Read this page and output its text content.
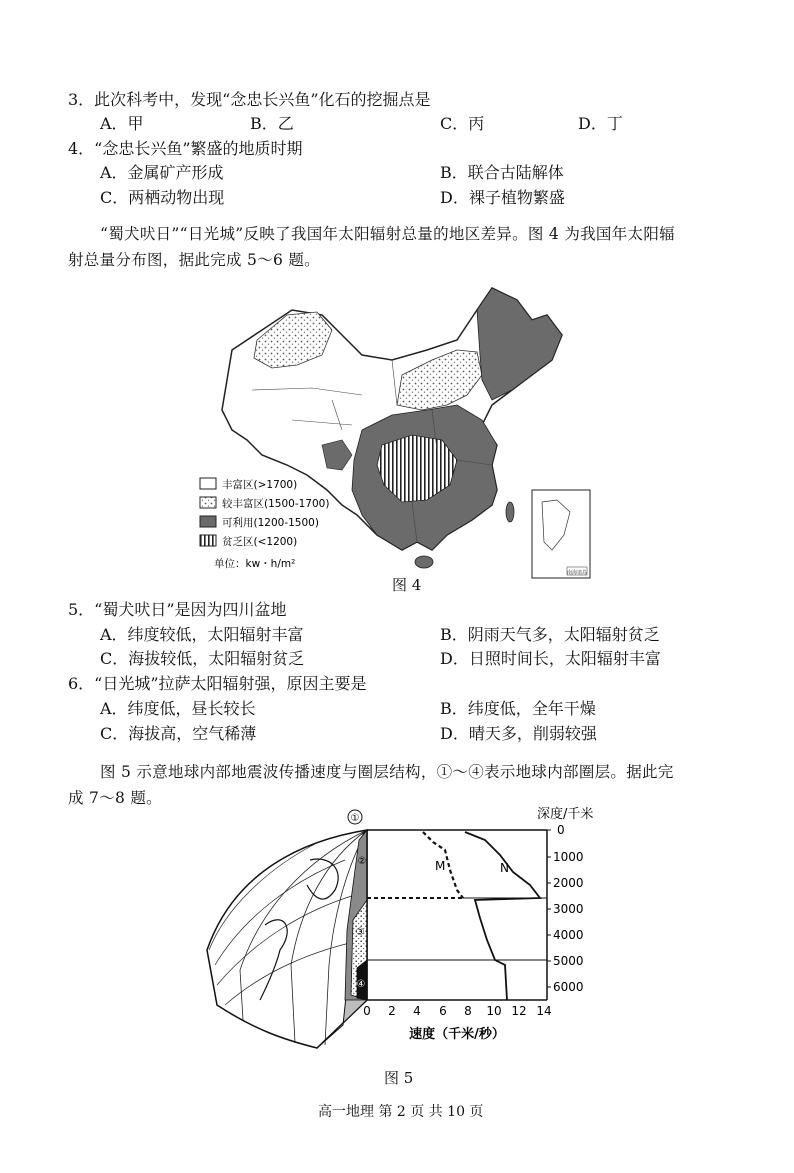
3．此次科考中，发现“念忠长兴鱼”化石的挖掘点是
A．甲	B．乙	C．丙	D．丁
4．“念忠长兴鱼”繁盛的地质时期
A．金属矿产形成	B．联合古陆解体
C．两栖动物出现	D．裸子植物繁盛
“蜀犬吠日”“日光城”反映了我国年太阳辐射总量的地区差异。图 4 为我国年太阳辐
射总量分布图，据此完成 5～6 题。
南海诸岛
丰富区(>1700)
较丰富区(1500-1700)
可利用(1200-1500)
贫乏区(<1200)
单位：kw・h/m²
图 4
5．“蜀犬吠日”是因为四川盆地
A．纬度较低，太阳辐射丰富	B．阴雨天气多，太阳辐射贫乏
C．海拔较低，太阳辐射贫乏	D．日照时间长，太阳辐射丰富
6．“日光城”拉萨太阳辐射强，原因主要是
A．纬度低，昼长较长	B．纬度低，全年干燥
C．海拔高，空气稀薄	D．晴天多，削弱较强
图 5 示意地球内部地震波传播速度与圈层结构，①～④表示地球内部圈层。据此完
成 7～8 题。
①
②
③
④
M	N
0
1000
2000
3000
4000
5000
6000
深度/千米
0 2 4 6 8 10 12 14
速度（千米/秒）
图 5
高一地理 第 2 页 共 10 页
